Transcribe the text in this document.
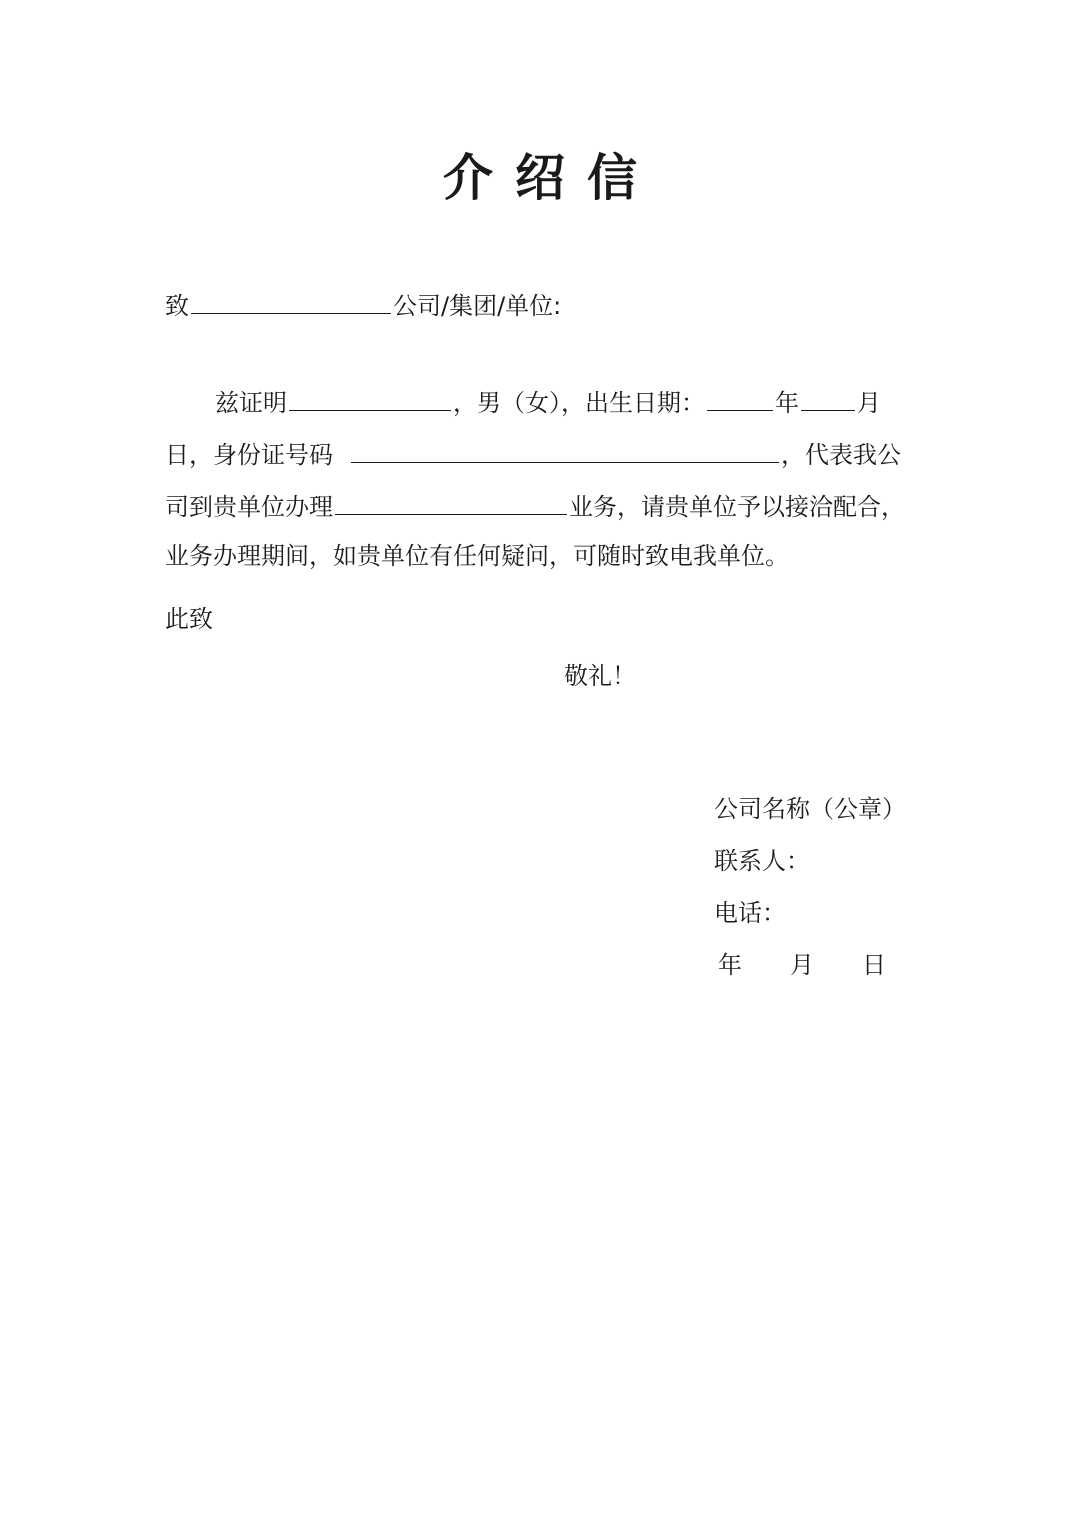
介绍信
致	公司/集团/单位:
兹证明	，男（女），出生日期：	年 月
日，身份证号码	，代表我公
司到贵单位办理	业务，请贵单位予以接洽配合，
业务办理期间，如贵单位有任何疑问，可随时致电我单位。
此致
敬礼！
公司名称（公章）
联系人：
电话：
年 月 日
